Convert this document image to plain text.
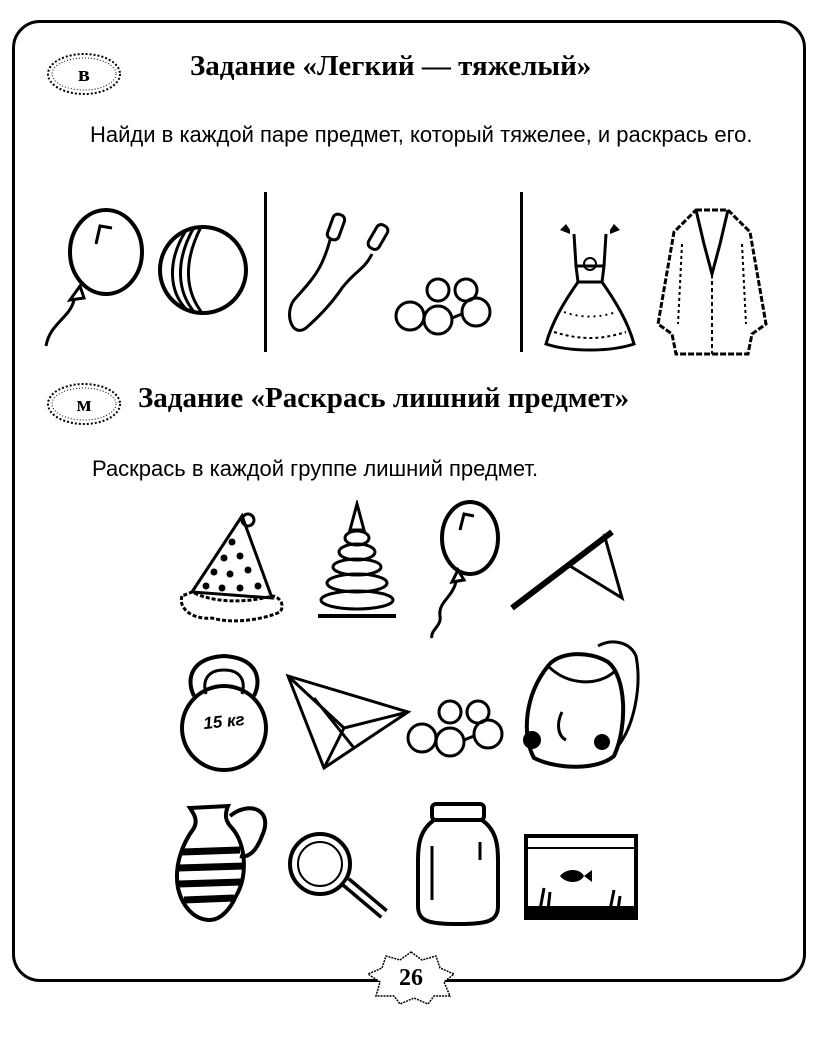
в	Задание «Легкий — тяжелый»
Найди в каждой паре предмет, который тяжелее, и раскрась его.
м	Задание «Раскрась лишний предмет»
Раскрась в каждой группе лишний предмет.
15 кг
26
